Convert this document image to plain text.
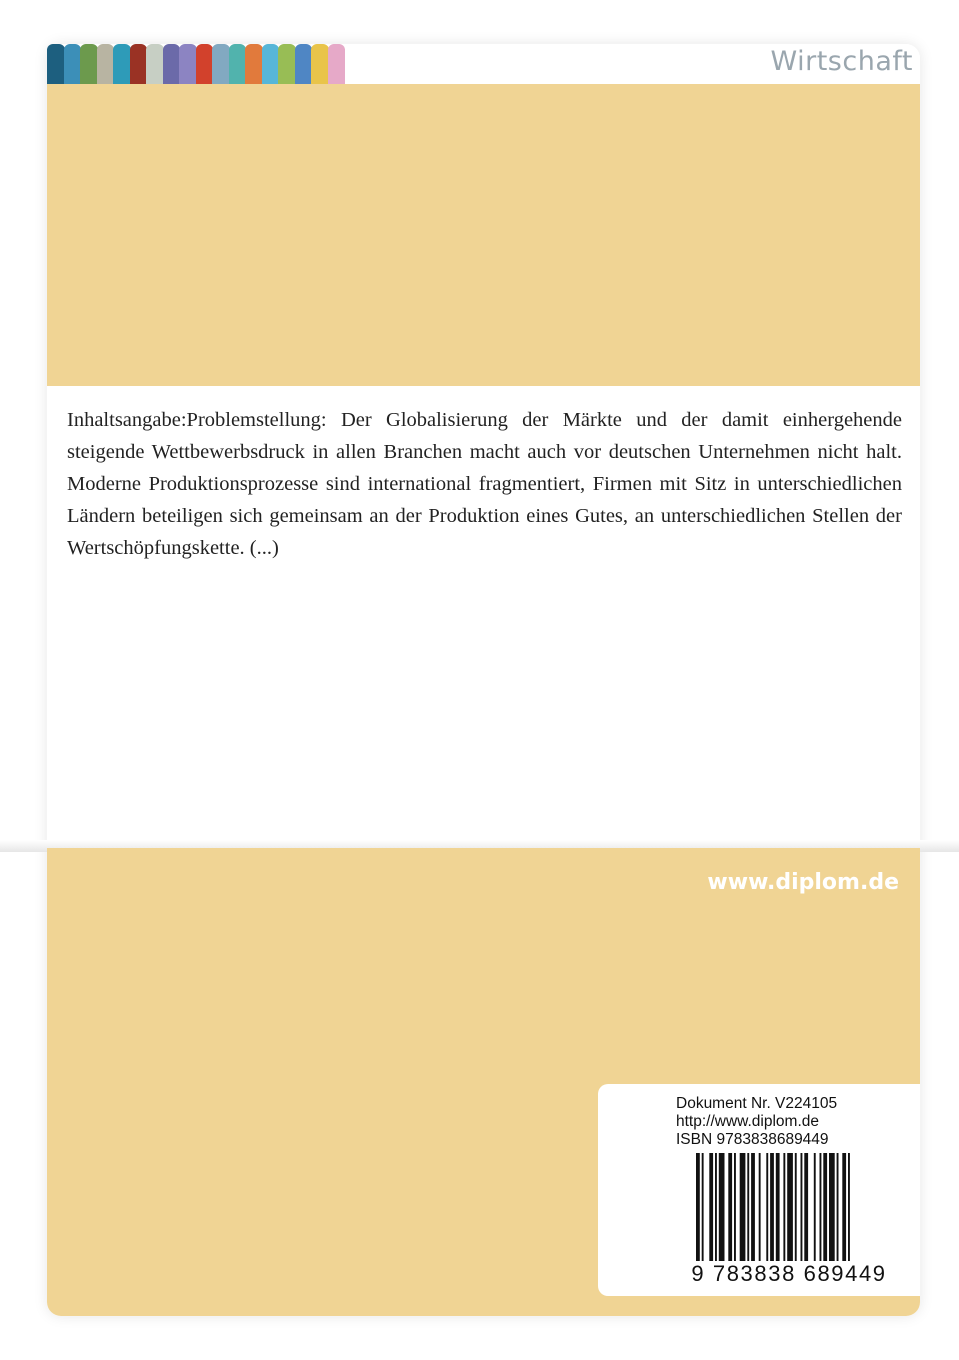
Wirtschaft

Inhaltsangabe:Problemstellung: Der Globalisierung der Märkte und der damit einhergehende steigende Wettbewerbsdruck in allen Branchen macht auch vor deutschen Unternehmen nicht halt. Moderne Produktionsprozesse sind international fragmentiert, Firmen mit Sitz in unterschiedlichen Ländern beteiligen sich gemeinsam an der Produktion eines Gutes, an unterschiedlichen Stellen der Wertschöpfungskette. (...)

www.diplom.de
Dokument Nr. V224105
http://www.diplom.de
ISBN 9783838689449
9 783838 689449
